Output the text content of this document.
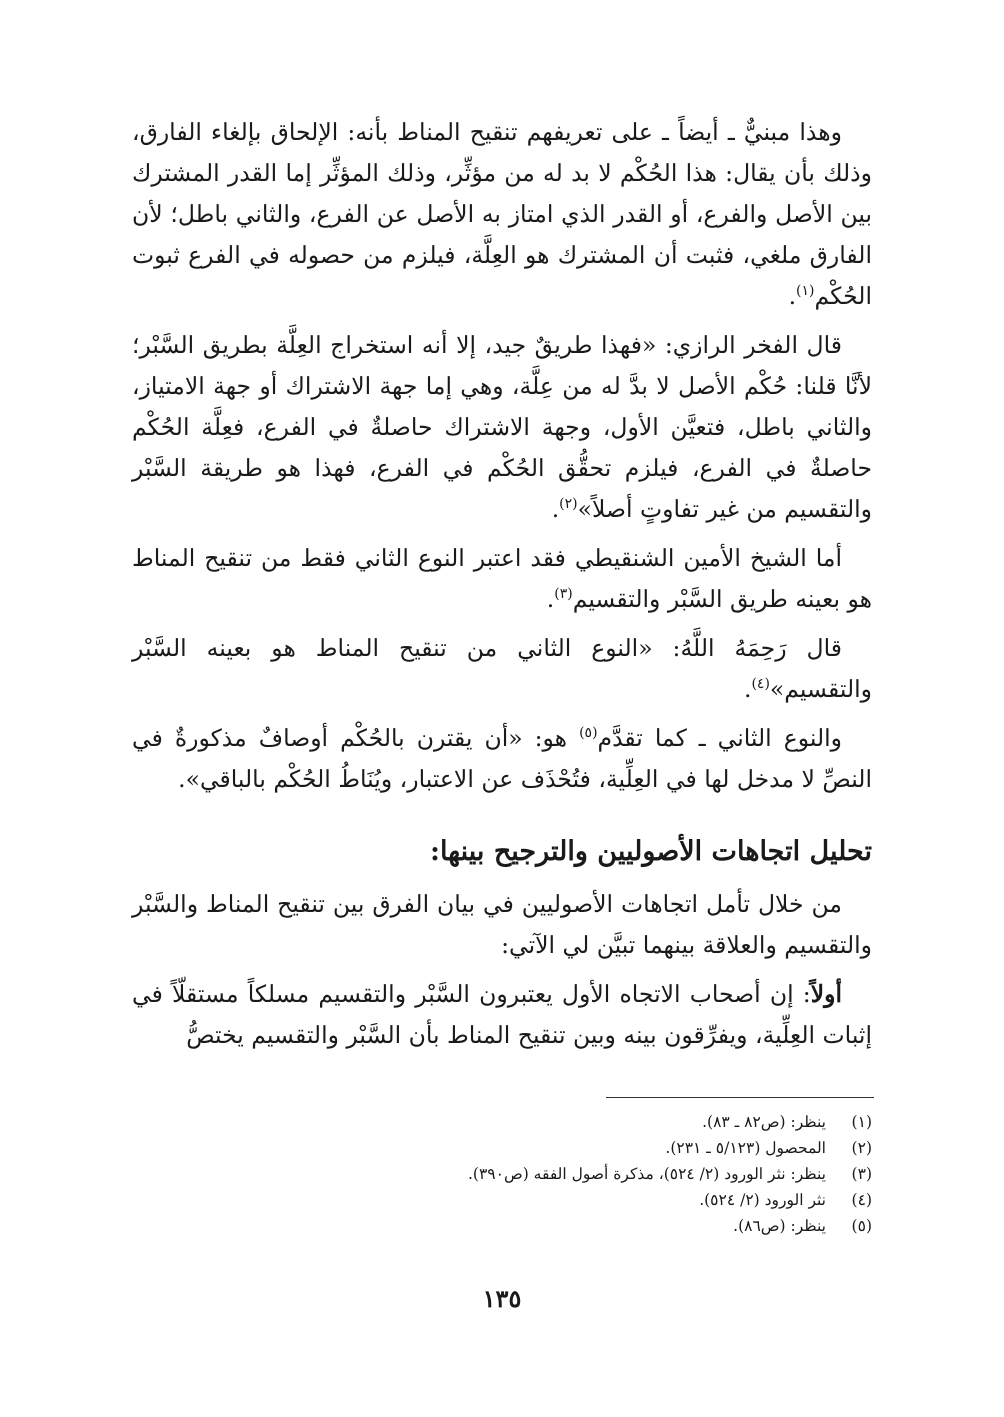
وهذا مبنيٌّ ـ أيضاً ـ على تعريفهم تنقيح المناط بأنه: الإلحاق بإلغاء الفارق، وذلك بأن يقال: هذا الحُكْم لا بد له من مؤثِّر، وذلك المؤثِّر إما القدر المشترك بين الأصل والفرع، أو القدر الذي امتاز به الأصل عن الفرع، والثاني باطل؛ لأن الفارق ملغي، فثبت أن المشترك هو العِلَّة، فيلزم من حصوله في الفرع ثبوت الحُكْم$^{(١)}$.

قال الفخر الرازي: «فهذا طريقٌ جيد، إلا أنه استخراج العِلَّة بطريق السَّبْر؛ لأنَّا قلنا: حُكْم الأصل لا بدَّ له من عِلَّة، وهي إما جهة الاشتراك أو جهة الامتياز، والثاني باطل، فتعيَّن الأول، وجهة الاشتراك حاصلةٌ في الفرع، فعِلَّة الحُكْم حاصلةٌ في الفرع، فيلزم تحقُّق الحُكْم في الفرع، فهذا هو طريقة السَّبْر والتقسيم من غير تفاوتٍ أصلاً»$^{(٢)}$.

أما الشيخ الأمين الشنقيطي فقد اعتبر النوع الثاني فقط من تنقيح المناط هو بعينه طريق السَّبْر والتقسيم$^{(٣)}$.

قال رَحِمَهُ اللَّهُ: «النوع الثاني من تنقيح المناط هو بعينه السَّبْر والتقسيم»$^{(٤)}$.

والنوع الثاني ـ كما تقدَّم$^{(٥)}$ هو: «أن يقترن بالحُكْم أوصافٌ مذكورةٌ في النصِّ لا مدخل لها في العِلِّية، فتُحْذَف عن الاعتبار، ويُنَاطُ الحُكْم بالباقي».

تحليل اتجاهات الأصوليين والترجيح بينها:

من خلال تأمل اتجاهات الأصوليين في بيان الفرق بين تنقيح المناط والسَّبْر والتقسيم والعلاقة بينهما تبيَّن لي الآتي:

أولاً: إن أصحاب الاتجاه الأول يعتبرون السَّبْر والتقسيم مسلكاً مستقلّاً في إثبات العِلِّية، ويفرِّقون بينه وبين تنقيح المناط بأن السَّبْر والتقسيم يختصُّ

(١)
ينظر: (ص٨٢ ـ ٨٣).
(٢)
المحصول (٥/١٢٣ ـ ٢٣١).
(٣)
ينظر: نثر الورود (٢/ ٥٢٤)، مذكرة أصول الفقه (ص٣٩٠).
(٤)
نثر الورود (٢/ ٥٢٤).
(٥)
ينظر: (ص٨٦).
١٣٥
